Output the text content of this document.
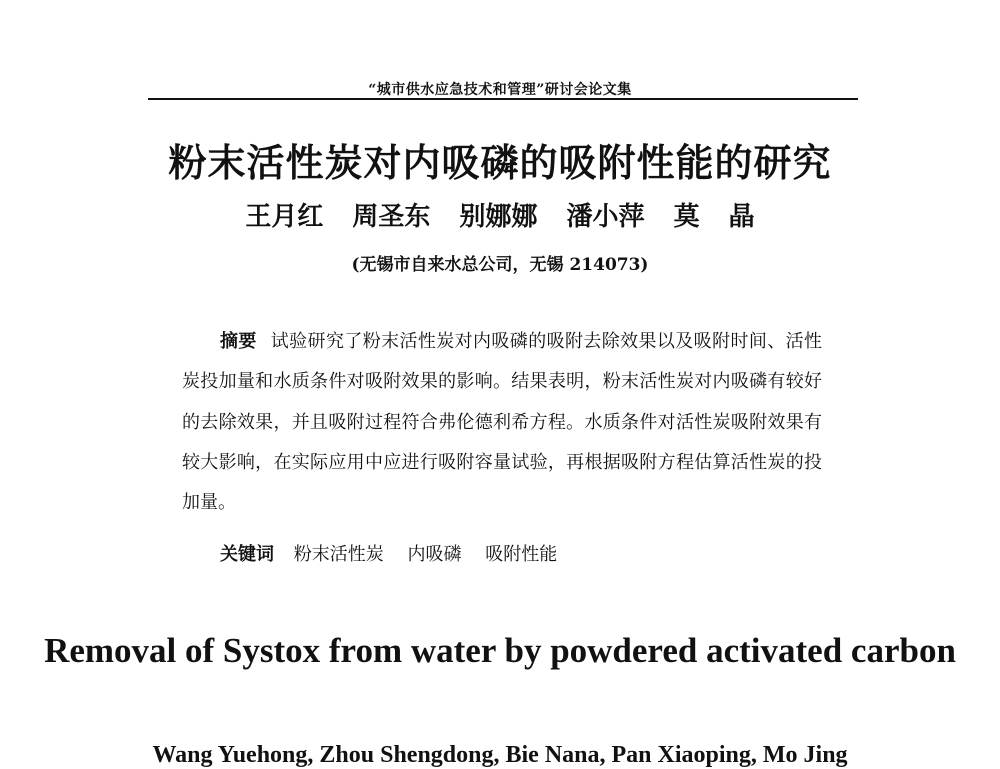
“城市供水应急技术和管理”研讨会论文集
粉末活性炭对内吸磷的吸附性能的研究
王月红 周圣东 别娜娜 潘小萍 莫 晶
(无锡市自来水总公司，无锡 214073)
摘要 试验研究了粉末活性炭对内吸磷的吸附去除效果以及吸附时间、活性炭投加量和水质条件对吸附效果的影响。结果表明，粉末活性炭对内吸磷有较好的去除效果，并且吸附过程符合弗伦德利希方程。水质条件对活性炭吸附效果有较大影响，在实际应用中应进行吸附容量试验，再根据吸附方程估算活性炭的投加量。
关键词 粉末活性炭 内吸磷 吸附性能
Removal of Systox from water by powdered activated carbon
Wang Yuehong, Zhou Shengdong, Bie Nana, Pan Xiaoping, Mo Jing
